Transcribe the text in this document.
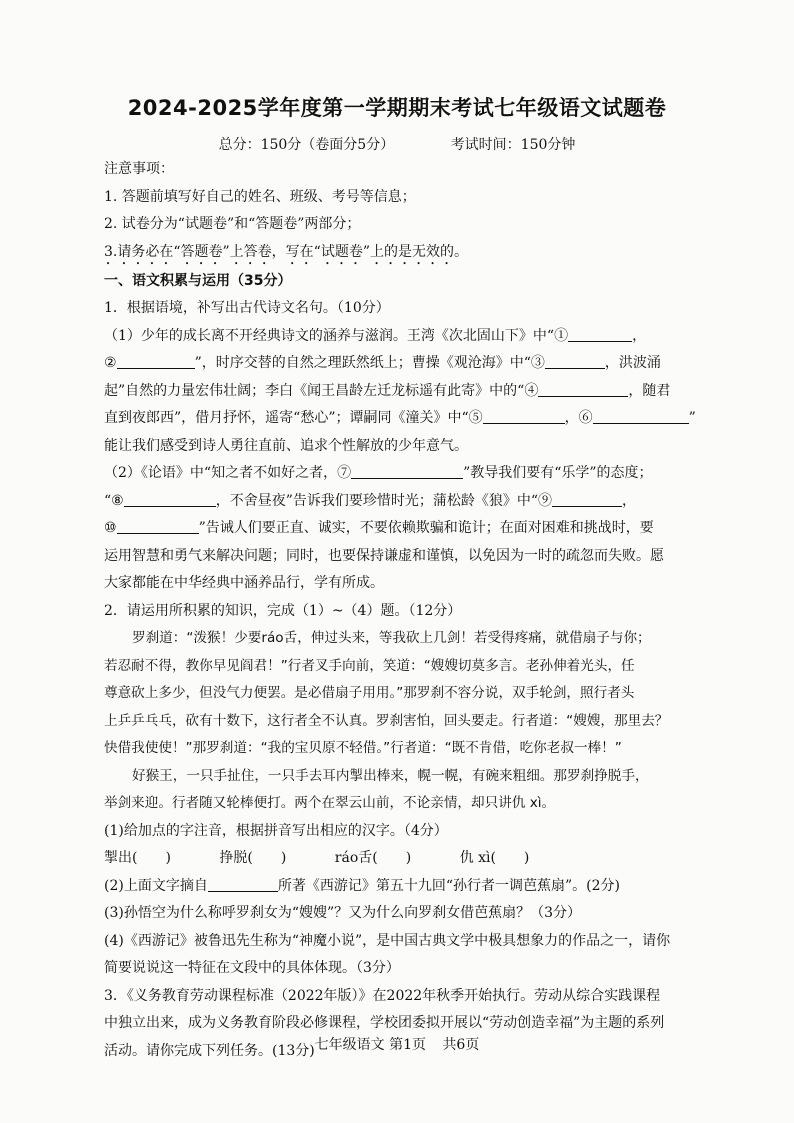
2024-2025学年度第一学期期末考试七年级语文试题卷
总分：150分（卷面分5分）	考试时间：150分钟
注意事项：
1. 答题前填写好自己的姓名、班级、考号等信息；
2. 试卷分为“试题卷”和“答题卷”两部分；
3.请务必在“答题卷”上答卷，写在“试题卷”上的是无效的。
一、语文积累与运用（35分）
1．根据语境，补写出古代诗文名句。（10分）
（1）少年的成长离不开经典诗文的涵养与滋润。王湾《次北固山下》中“①	，
②	”，时序交替的自然之理跃然纸上；曹操《观沧海》中“③	，洪波涌
起”自然的力量宏伟壮阔；李白《闻王昌龄左迁龙标遥有此寄》中的“④	，随君
直到夜郎西”，借月抒怀，遥寄“愁心”；谭嗣同《潼关》中“⑤	，⑥	”
能让我们感受到诗人勇往直前、追求个性解放的少年意气。
（2）《论语》中“知之者不如好之者，⑦	”教导我们要有“乐学”的态度；
“⑧	，不舍昼夜”告诉我们要珍惜时光；蒲松龄《狼》中“⑨	，
⑩	”告诫人们要正直、诚实，不要依赖欺骗和诡计；在面对困难和挑战时，要
运用智慧和勇气来解决问题；同时，也要保持谦虚和谨慎，以免因为一时的疏忽而失败。愿
大家都能在中华经典中涵养品行，学有所成。
2．请运用所积累的知识，完成（1）~（4）题。（12分）
罗刹道：“泼猴！少要ráo舌，伸过头来，等我砍上几剑！若受得疼痛，就借扇子与你；
若忍耐不得，教你早见阎君！”行者叉手向前，笑道：“嫂嫂切莫多言。老孙伸着光头，任
尊意砍上多少，但没气力便罢。是必借扇子用用。”那罗刹不容分说，双手轮剑，照行者头
上乒乒乓乓，砍有十数下，这行者全不认真。罗刹害怕，回头要走。行者道：“嫂嫂，那里去？
快借我使使！”那罗刹道：“我的宝贝原不轻借。”行者道：“既不肯借，吃你老叔一棒！”
好猴王，一只手扯住，一只手去耳内掣出棒来，幌一幌，有碗来粗细。那罗刹挣脱手，
举剑来迎。行者随又轮棒便打。两个在翠云山前，不论亲情，却只讲仇 xì。
(1)给加点的字注音，根据拼音写出相应的汉字。（4分）
掣出(　　)	挣脱(　　)	ráo舌(　　)	仇 xì(　　)
(2)上面文字摘自	所著《西游记》第五十九回“孙行者一调芭蕉扇”。(2分)
(3)孙悟空为什么称呼罗刹女为“嫂嫂”？又为什么向罗刹女借芭蕉扇？（3分）
(4)《西游记》被鲁迅先生称为“神魔小说”，是中国古典文学中极具想象力的作品之一，请你
简要说说这一特征在文段中的具体体现。（3分）
3．《义务教育劳动课程标准（2022年版）》在2022年秋季开始执行。劳动从综合实践课程
中独立出来，成为义务教育阶段必修课程，学校团委拟开展以“劳动创造幸福”为主题的系列
活动。请你完成下列任务。(13分) 七年级语文 第1页 共6页
